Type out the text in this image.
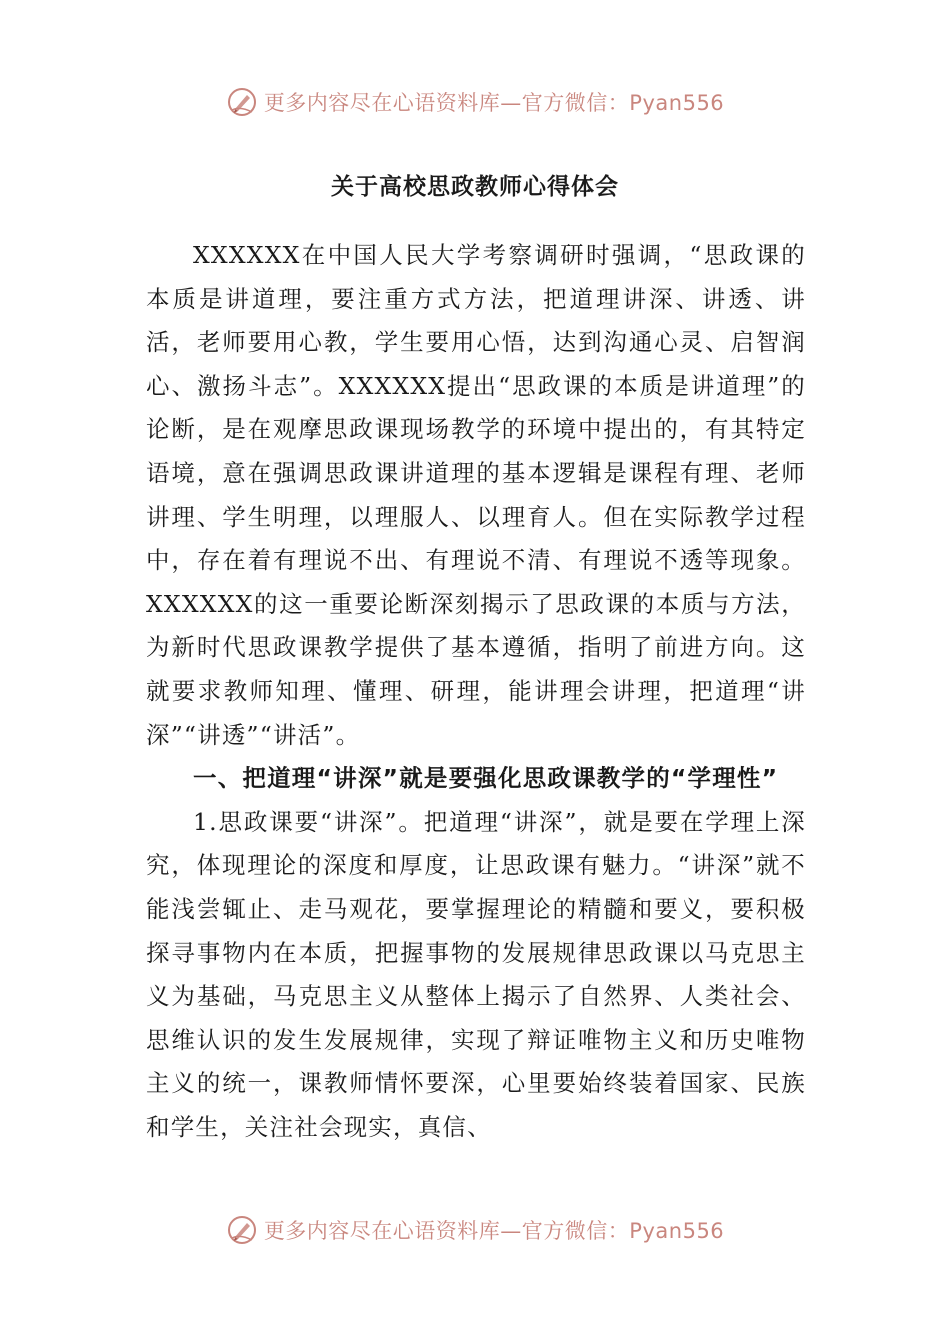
更多内容尽在心语资料库—官方微信：Pyan556
关于高校思政教师心得体会

XXXXXX在中国人民大学考察调研时强调，“思政课的本质是讲道理，要注重方式方法，把道理讲深、讲透、讲活，老师要用心教，学生要用心悟，达到沟通心灵、启智润心、激扬斗志”。XXXXXX提出“思政课的本质是讲道理”的论断，是在观摩思政课现场教学的环境中提出的，有其特定语境，意在强调思政课讲道理的基本逻辑是课程有理、老师讲理、学生明理，以理服人、以理育人。但在实际教学过程中，存在着有理说不出、有理说不清、有理说不透等现象。XXXXXX的这一重要论断深刻揭示了思政课的本质与方法，为新时代思政课教学提供了基本遵循，指明了前进方向。这就要求教师知理、懂理、研理，能讲理会讲理，把道理“讲深”“讲透”“讲活”。

一、把道理“讲深”就是要强化思政课教学的“学理性”

1.思政课要“讲深”。把道理“讲深”，就是要在学理上深究，体现理论的深度和厚度，让思政课有魅力。“讲深”就不能浅尝辄止、走马观花，要掌握理论的精髓和要义，要积极探寻事物内在本质，把握事物的发展规律思政课以马克思主义为基础，马克思主义从整体上揭示了自然界、人类社会、思维认识的发生发展规律，实现了辩证唯物主义和历史唯物主义的统一，课教师情怀要深，心里要始终装着国家、民族和学生，关注社会现实，真信、

更多内容尽在心语资料库—官方微信：Pyan556
